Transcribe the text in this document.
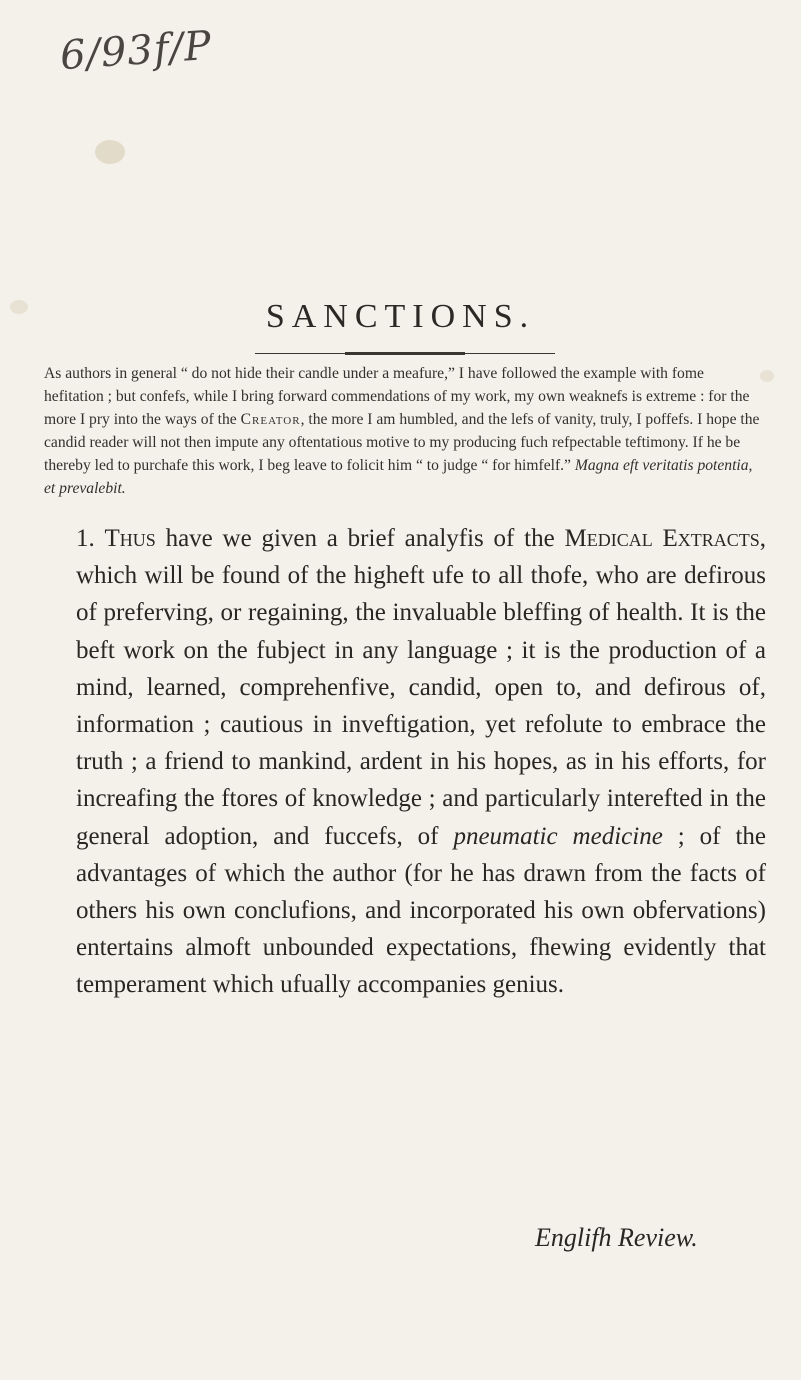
6/93f/P
SANCTIONS.

As authors in general “ do not hide their candle under a meafure,” I have followed the example with fome hefitation ; but confefs, while I bring forward commendations of my work, my own weaknefs is extreme : for the more I pry into the ways of the Creator, the more I am humbled, and the lefs of vanity, truly, I poffefs. I hope the candid reader will not then impute any oftentatious motive to my producing fuch refpectable teftimony. If he be thereby led to purchafe this work, I beg leave to folicit him “ to judge “ for himfelf.” Magna eft veritatis potentia, et prevalebit.

1. Thus have we given a brief analyfis of the Medical Extracts, which will be found of the higheft ufe to all thofe, who are defirous of preferving, or regaining, the invaluable bleffing of health. It is the beft work on the fubject in any language ; it is the production of a mind, learned, comprehenfive, candid, open to, and defirous of, information ; cautious in inveftigation, yet refolute to embrace the truth ; a friend to mankind, ardent in his hopes, as in his efforts, for increafing the ftores of knowledge ; and particularly interefted in the general adoption, and fuccefs, of pneumatic medicine ; of the advantages of which the author (for he has drawn from the facts of others his own conclufions, and incorporated his own obfervations) entertains almoft unbounded expectations, fhewing evidently that temperament which ufually accompanies genius.

Englifh Review.
